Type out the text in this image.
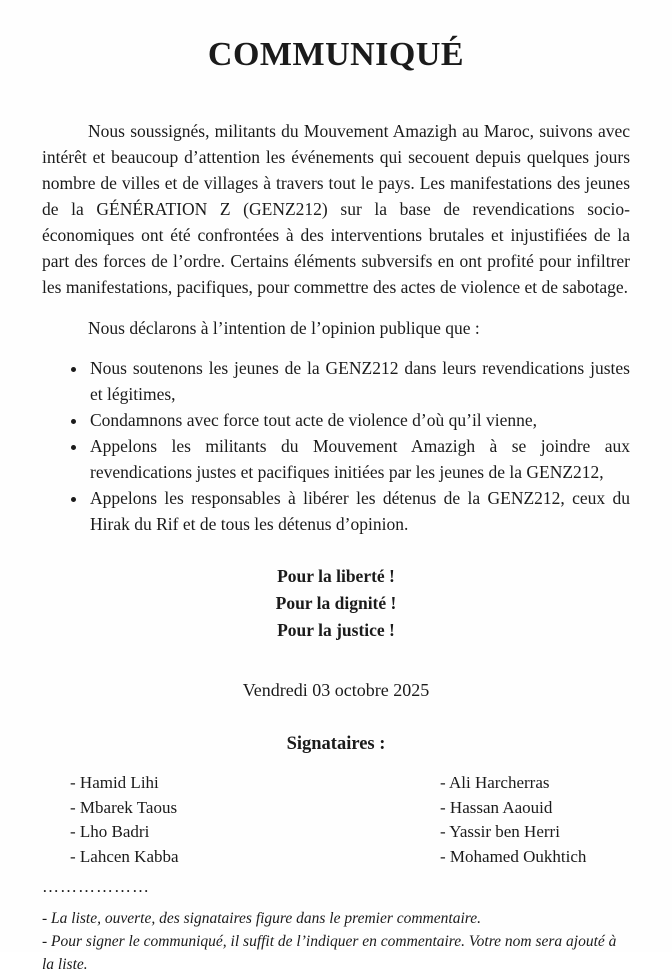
COMMUNIQUÉ

Nous soussignés, militants du Mouvement Amazigh au Maroc, suivons avec intérêt et beaucoup d’attention les événements qui secouent depuis quelques jours nombre de villes et de villages à travers tout le pays. Les manifestations des jeunes de la GÉNÉRATION Z (GENZ212) sur la base de revendications socio-économiques ont été confrontées à des interventions brutales et injustifiées de la part des forces de l’ordre. Certains éléments subversifs en ont profité pour infiltrer les manifestations, pacifiques, pour commettre des actes de violence et de sabotage.

Nous déclarons à l’intention de l’opinion publique que :

• Nous soutenons les jeunes de la GENZ212 dans leurs revendications justes et légitimes,
• Condamnons avec force tout acte de violence d’où qu’il vienne,
• Appelons les militants du Mouvement Amazigh à se joindre aux revendications justes et pacifiques initiées par les jeunes de la GENZ212,
• Appelons les responsables à libérer les détenus de la GENZ212, ceux du Hirak du Rif et de tous les détenus d’opinion.

Pour la liberté !

Pour la dignité !

Pour la justice !

Vendredi 03 octobre 2025

Signataires :

- Hamid Lihi

- Mbarek Taous

- Lho Badri

- Lahcen Kabba

- Ali Harcherras

- Hassan Aaouid

- Yassir ben Herri

- Mohamed Oukhtich

………………

- La liste, ouverte, des signataires figure dans le premier commentaire.

- Pour signer le communiqué, il suffit de l’indiquer en commentaire. Votre nom sera ajouté à la liste.
